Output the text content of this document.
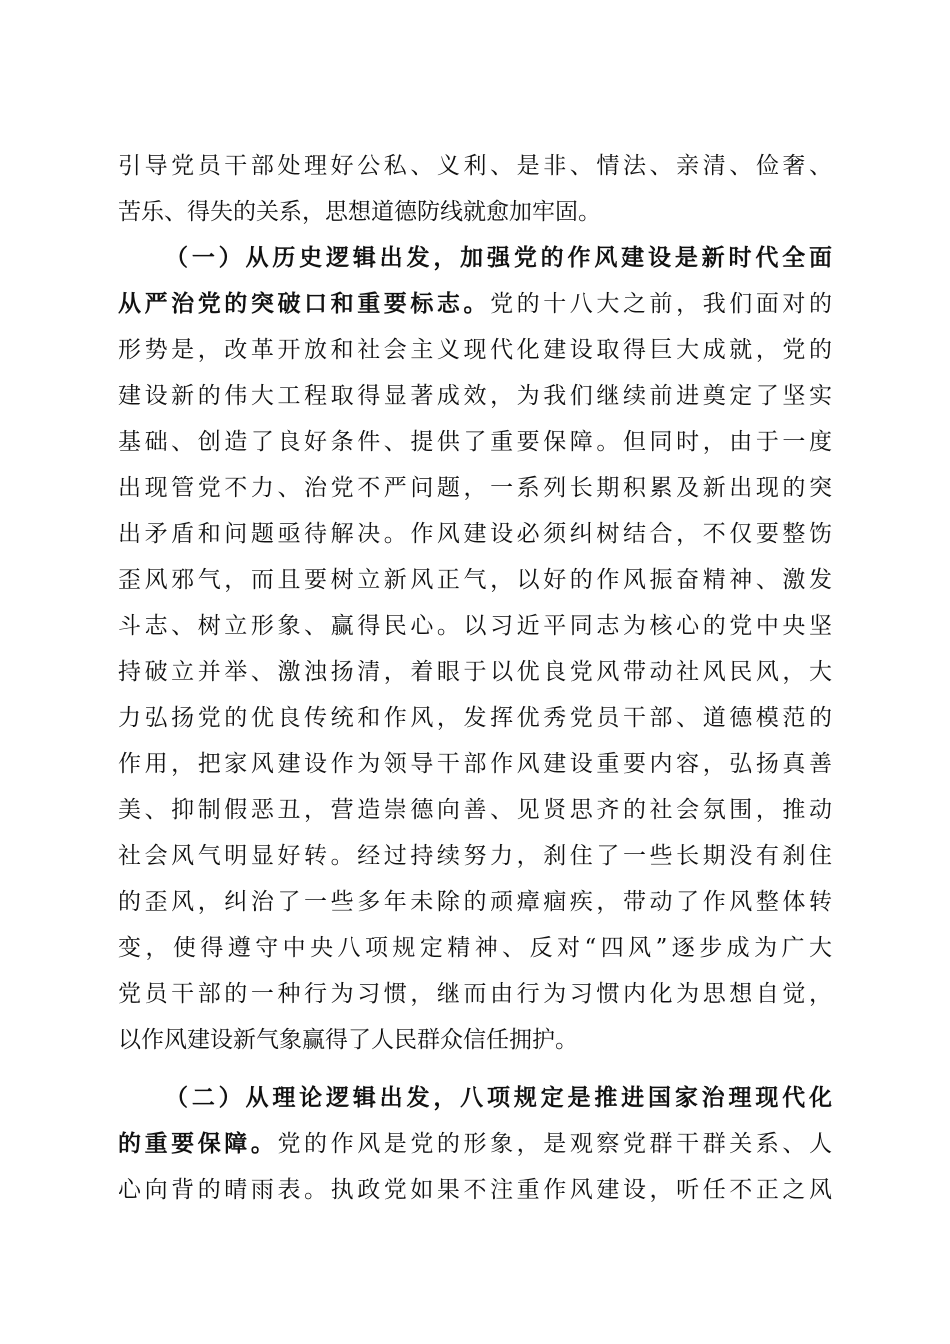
引导党员干部处理好公私、义利、是非、情法、亲清、俭奢、
苦乐、得失的关系，思想道德防线就愈加牢固。
（一）从历史逻辑出发，加强党的作风建设是新时代全面
从严治党的突破口和重要标志。党的十八大之前，我们面对的
形势是，改革开放和社会主义现代化建设取得巨大成就，党的
建设新的伟大工程取得显著成效，为我们继续前进奠定了坚实
基础、创造了良好条件、提供了重要保障。但同时，由于一度
出现管党不力、治党不严问题，一系列长期积累及新出现的突
出矛盾和问题亟待解决。作风建设必须纠树结合，不仅要整饬
歪风邪气，而且要树立新风正气，以好的作风振奋精神、激发
斗志、树立形象、赢得民心。以习近平同志为核心的党中央坚
持破立并举、激浊扬清，着眼于以优良党风带动社风民风，大
力弘扬党的优良传统和作风，发挥优秀党员干部、道德模范的
作用，把家风建设作为领导干部作风建设重要内容，弘扬真善
美、抑制假恶丑，营造崇德向善、见贤思齐的社会氛围，推动
社会风气明显好转。经过持续努力，刹住了一些长期没有刹住
的歪风，纠治了一些多年未除的顽瘴痼疾，带动了作风整体转
变，使得遵守中央八项规定精神、反对“四风”逐步成为广大
党员干部的一种行为习惯，继而由行为习惯内化为思想自觉，
以作风建设新气象赢得了人民群众信任拥护。
（二）从理论逻辑出发，八项规定是推进国家治理现代化
的重要保障。党的作风是党的形象，是观察党群干群关系、人
心向背的晴雨表。执政党如果不注重作风建设，听任不正之风
